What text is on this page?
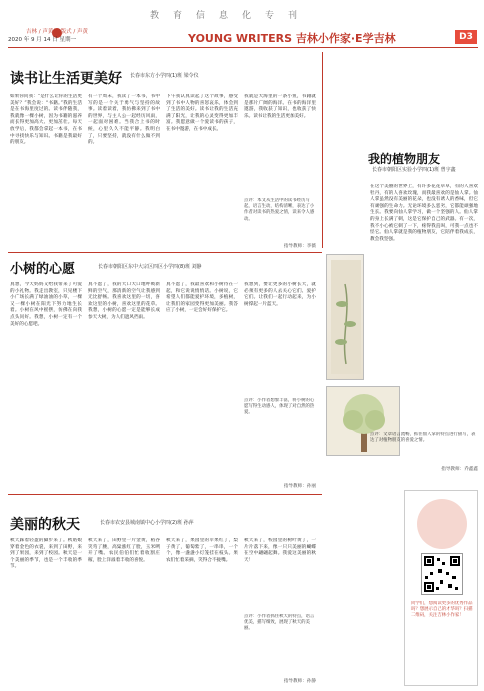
教育信息化专刊
吉林 / 声黄虹 版式 / 声黄
2020 年 9 月 14 日 星期一	YOUNG WRITERS 吉林小作家·E学吉林	D3
读书让生活更美好 长春市东方小学四(1)班 梁令仪
如果你问我：“是什么让你的生活更美好？”我会说：“书籍。”我的生活是在书海里度过的。读书伴随我，我就像一棵小树，因为书籍的滋养而长得更加高大、更加茁壮。每天放学后，我都会拿起一本书，在书中寻找快乐与知识。书籍是我最好的朋友。
有一个周末，我读了一本书，书中写的是一个关于勇气与坚持的故事。读着读着，我仿佛来到了书中的世界，与主人公一起经历风雨，一起面对困难。当我合上书的时候，心里久久不能平静。我明白了，只要坚持，就没有什么做不到的。
下午我认真读起了这个故事，感受到了书中人物的喜怒哀乐，体会到了生活的美好。读书让我的生活充满了阳光，让我的心灵变得更加丰富。我愿意做一个爱读书的孩子，在书中遨游，在书中成长。
我就是大海里的一条小鱼，书籍就是那片广阔的海洋。在书的海洋里遨游，我收获了知识，也收获了快乐。读书让我的生活更加美好。
点评：本文从生活中的读书经历写起，语言生动，结构清晰，表达了小作者对读书的热爱之情，读来令人感动。
指导教师：李薇
小树的心愿	长春市朝阳区东中大宗区四区小学四(8)班 刘静
真想，今天妈妈又给我带来了可爱的小礼物。我走出教室，只见楼下小广场长满了绿油油的小草，一棵又一棵小树在阳光下努力地生长着。小树在风中摇摆，仿佛在向我点头问好。我想，小树一定有一个美好的心愿吧。
真不愿了，我的大口大口地呼吸新鲜的空气，那清新的空气让我感到无比舒畅。我喜欢这里的一切，喜欢这里的小树，喜欢这里的花草。我想，小树的心愿一定是能够长成参天大树，为人们遮风挡雨。
真不愿了，我最喜欢和小树待在一起，和它说说悄悄话。小树说，它希望人们都能爱护环境，多植树，让我们的家园变得更加美丽。我答应了小树，一定会好好保护它。
我想到，要让更多的小树长大，就必须有更多的人去关心它们、爱护它们。让我们一起行动起来，为小树撑起一片蓝天。
点评：小作者想象丰富，将小树的心愿写得生动感人，体现了对自然的热爱。
指导教师：孙丽
美丽的秋天	长春市农安县城南镇中心小学四(2)班 孙萍
秋天踩着轻盈的脚步来了。秋姑娘穿着金色的衣裳，来到了田野，来到了果园，来到了校园。秋天是一个美丽的季节，也是一个丰收的季节。
秋天来了，田野里一片金黄，稻谷笑弯了腰，高粱涨红了脸，玉米咧开了嘴。农民伯伯们忙着收割庄稼，脸上洋溢着丰收的喜悦。
秋天来了，果园里的苹果红了，梨子黄了，葡萄紫了，一串串，一个个，像一盏盏小灯笼挂在枝头。果农们忙着采摘，笑得合不拢嘴。
秋天来了，校园里的树叶黄了，一片片落下来，像一只只美丽的蝴蝶在空中翩翩起舞。我爱这美丽的秋天！
点评：小作者抓住秋天的特点，语言优美，描写细致，展现了秋天的美丽。
指导教师：孙静
我的植物朋友
长春市朝阳区实验小学四(1)班 曾宇鑫
在这个美丽的世界上，有许多花花草草，有的人喜欢牡丹，有的人喜欢玫瑰，而我最喜欢的是仙人掌。仙人掌虽然没有美丽的花朵，也没有诱人的香味，但它有顽强的生命力。无论环境多么恶劣，它都能顽强地生长。我要向仙人掌学习，做一个坚强的人。仙人掌的身上长满了刺，这是它保护自己的武器。有一次，我不小心被它刺了一下，疼得我直叫，可我一点也不怪它。仙人掌就是我的植物朋友，它陪伴着我成长，教会我坚强。
点评：文章语言流畅，抓住仙人掌的特点进行描写，表达了对植物朋友的喜爱之情。
指导教师：乔鑫鑫
同学们，想阅读更多的优秀作品吗？想展示自己的才华吗？扫描二维码，关注吉林小作家！
